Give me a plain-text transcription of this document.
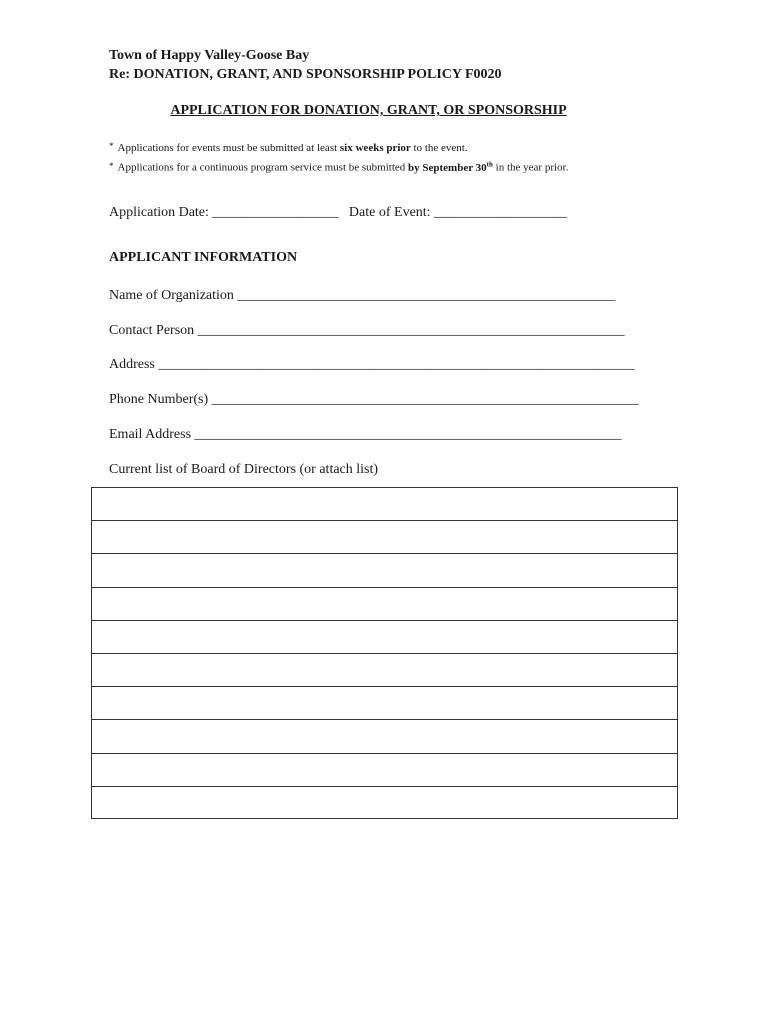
Town of Happy Valley-Goose Bay
Re: DONATION, GRANT, AND SPONSORSHIP POLICY F0020
APPLICATION FOR DONATION, GRANT, OR SPONSORSHIP
* Applications for events must be submitted at least six weeks prior to the event.
* Applications for a continuous program service must be submitted by September 30th in the year prior.
Application Date: __________________ Date of Event: ___________________
APPLICANT INFORMATION
Name of Organization ______________________________________________________
Contact Person _____________________________________________________________
Address ____________________________________________________________________
Phone Number(s) _____________________________________________________________
Email Address _____________________________________________________________
Current list of Board of Directors (or attach list)
